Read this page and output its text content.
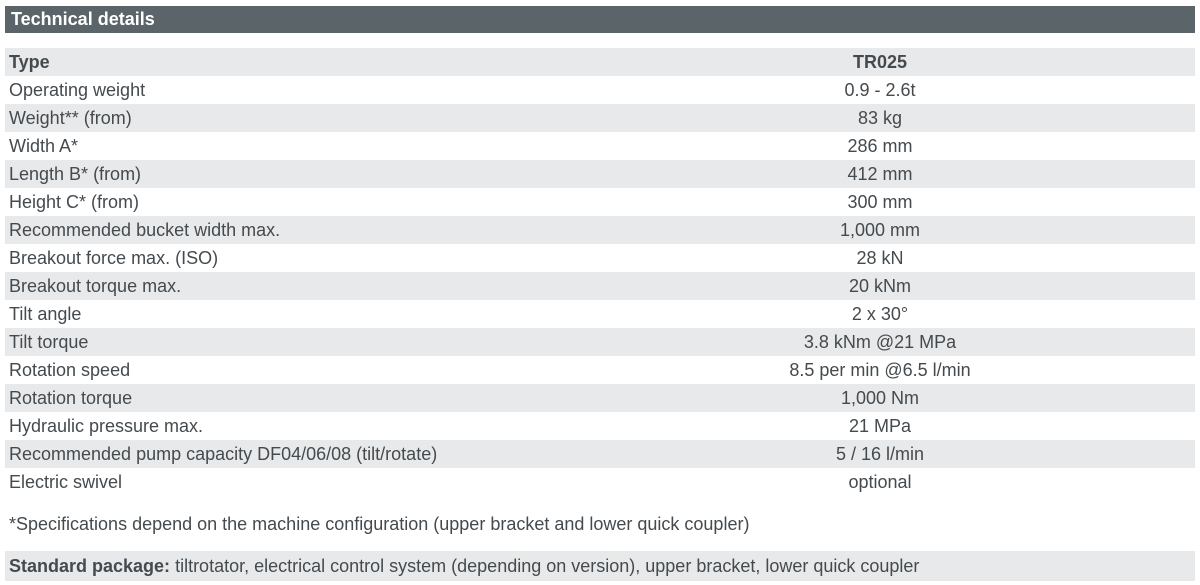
Technical details
Type	TR025
Operating weight	0.9 - 2.6t
Weight** (from)	83 kg
Width A*	286 mm
Length B* (from)	412 mm
Height C* (from)	300 mm
Recommended bucket width max.	1,000 mm
Breakout force max. (ISO)	28 kN
Breakout torque max.	20 kNm
Tilt angle	2 x 30°
Tilt torque	3.8 kNm @21 MPa
Rotation speed	8.5 per min @6.5 l/min
Rotation torque	1,000 Nm
Hydraulic pressure max.	21 MPa
Recommended pump capacity DF04/06/08 (tilt/rotate)	5 / 16 l/min
Electric swivel	optional
*Specifications depend on the machine configuration (upper bracket and lower quick coupler)
Standard package: tiltrotator, electrical control system (depending on version), upper bracket, lower quick coupler
